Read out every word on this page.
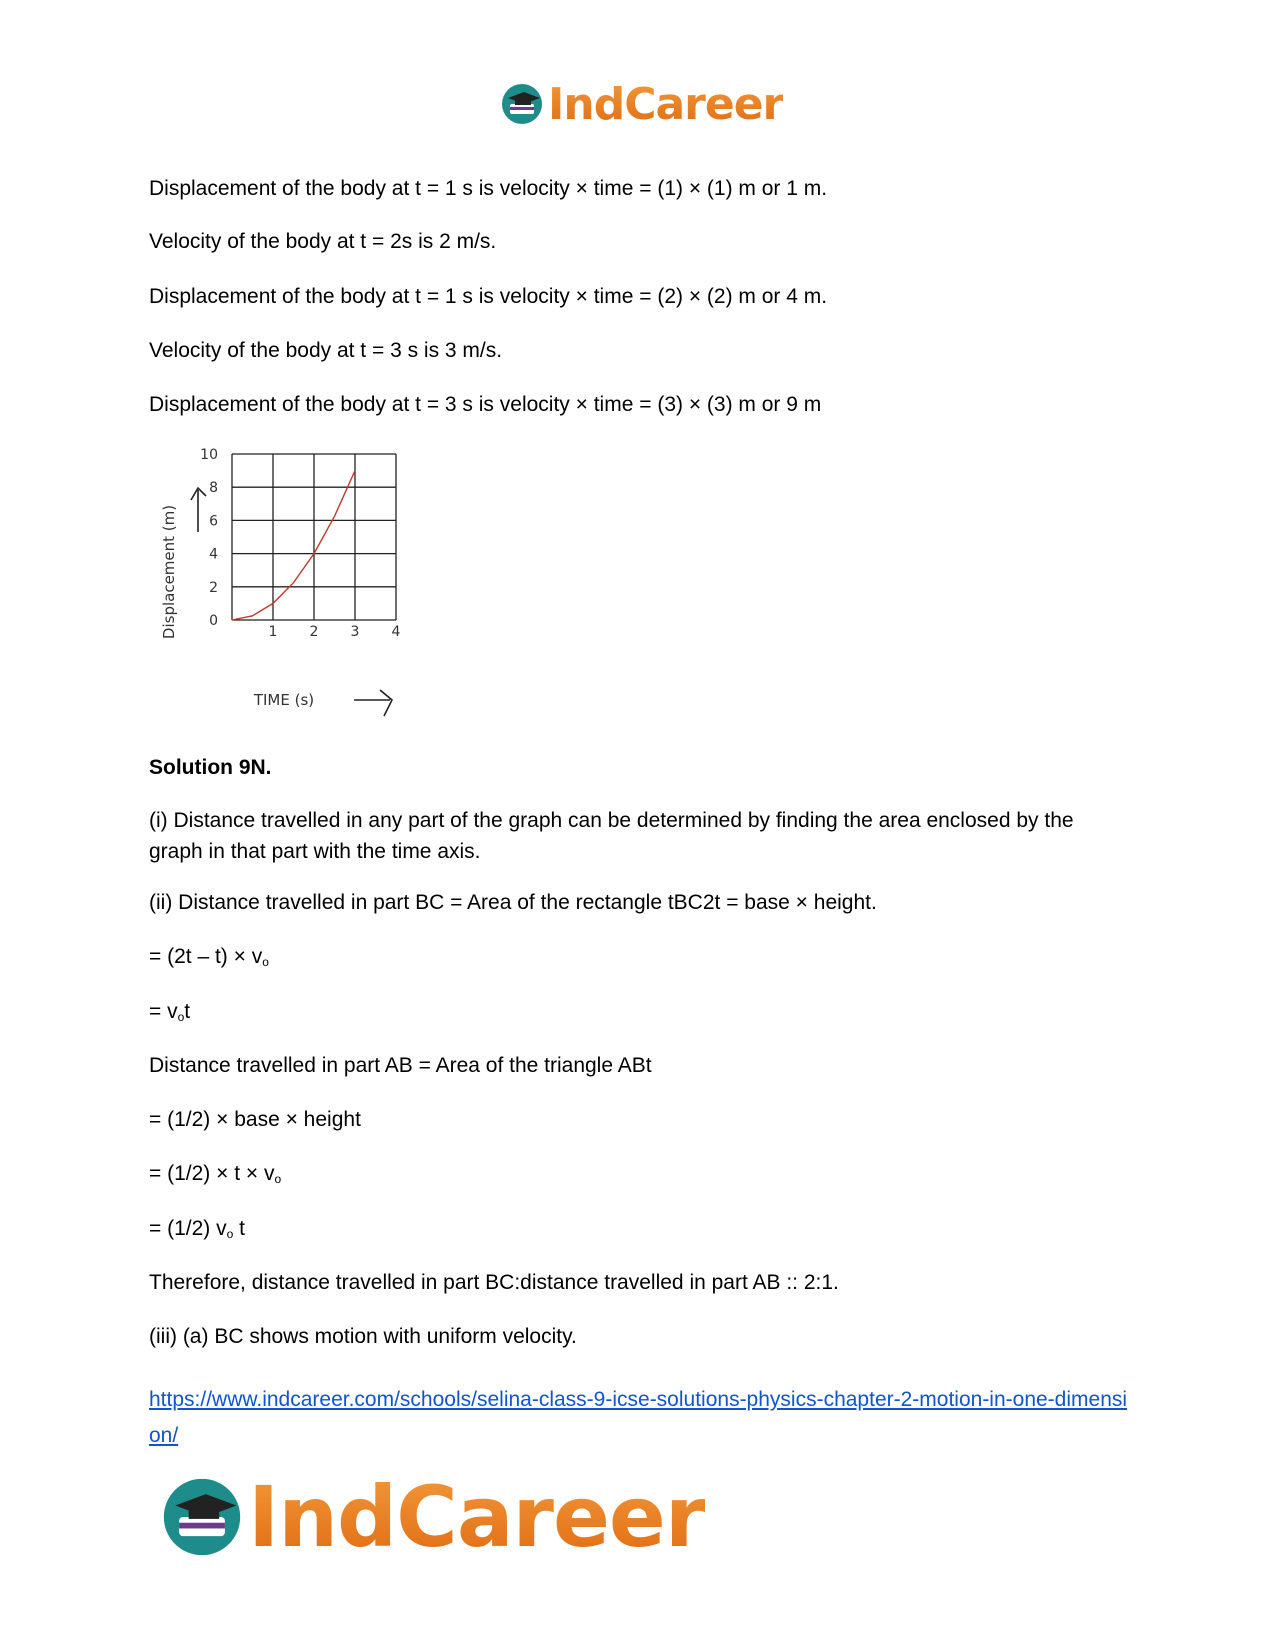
IndCareer
Displacement of the body at t = 1 s is velocity × time = (1) × (1) m or 1 m.
Velocity of the body at t = 2s is 2 m/s.
Displacement of the body at t = 1 s is velocity × time = (2) × (2) m or 4 m.
Velocity of the body at t = 3 s is 3 m/s.
Displacement of the body at t = 3 s is velocity × time = (3) × (3) m or 9 m
0
2
4
6
8
10
1 2 3 4
Displacement (m)
TIME (s)
Solution 9N.
(i) Distance travelled in any part of the graph can be determined by finding the area enclosed by the graph in that part with the time axis.
(ii) Distance travelled in part BC = Area of the rectangle tBC2t = base × height.
= $(2t - t) \times v_o$
= $v_ot$
Distance travelled in part AB = Area of the triangle ABt
= (1/2) × base × height
= $(1/2) \times t \times v_o$
= (1/2) $v_o$ t
Therefore, distance travelled in part BC:distance travelled in part AB :: 2:1.
(iii) (a) BC shows motion with uniform velocity.
https://www.indcareer.com/schools/selina-class-9-icse-solutions-physics-chapter-2-motion-in-one-dimension/
IndCareer
